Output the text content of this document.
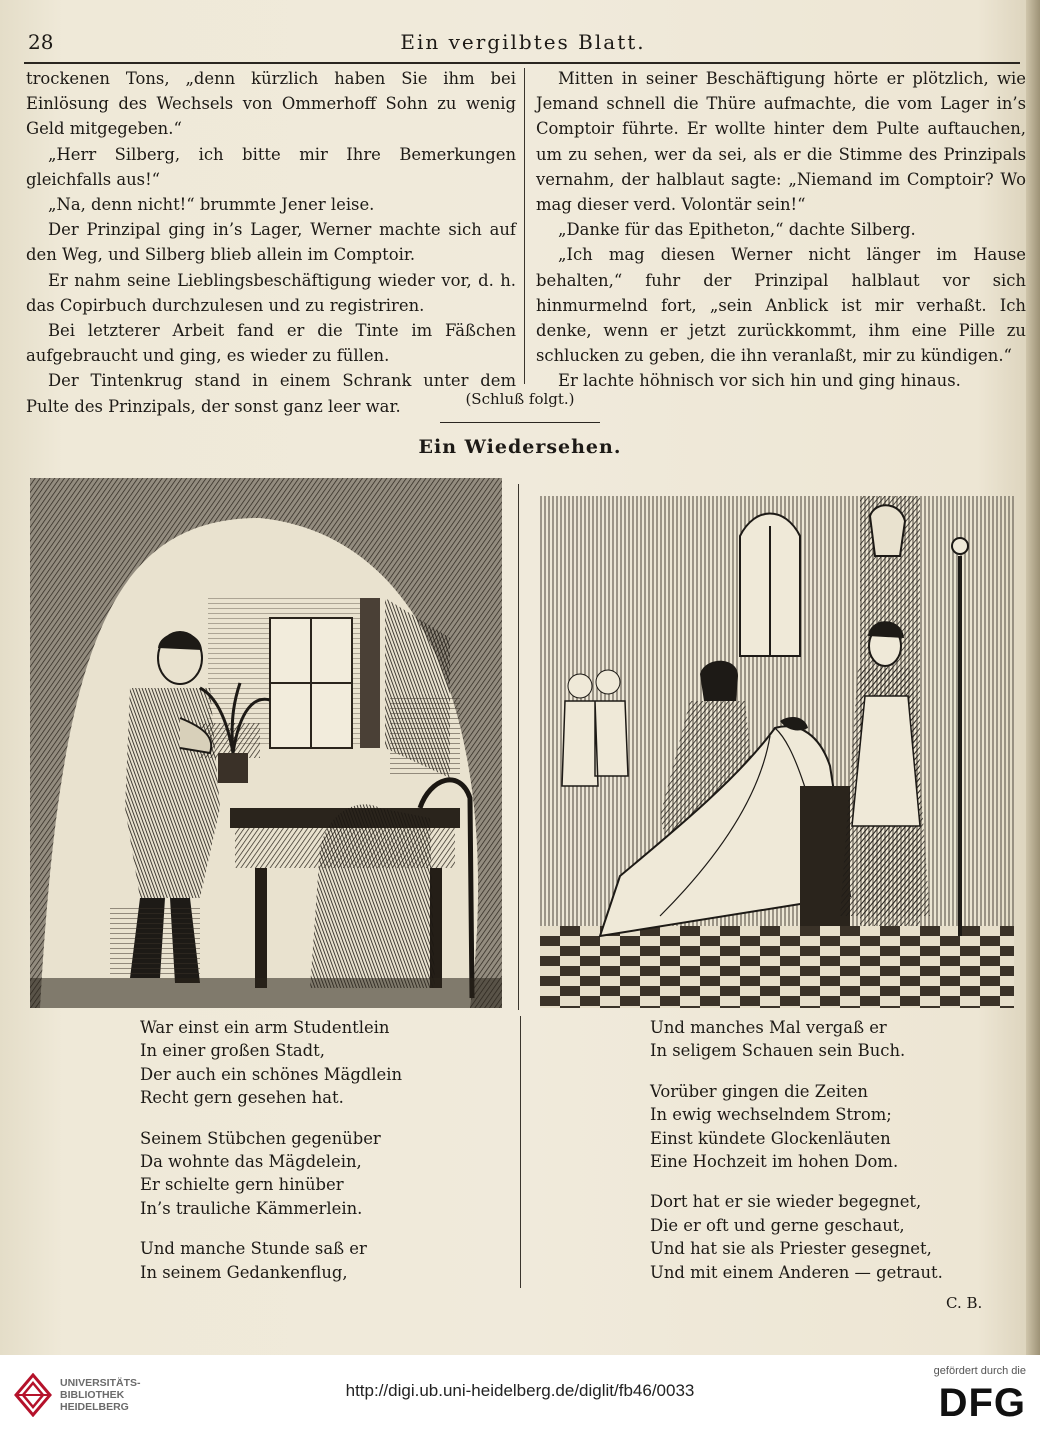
28	Ein vergilbtes Blatt.

trockenen Tons, „denn kürzlich haben Sie ihm bei Einlösung des Wechsels von Ommerhoff Sohn zu wenig Geld mitgegeben.“

„Herr Silberg, ich bitte mir Ihre Bemerkungen gleichfalls aus!“

„Na, denn nicht!“ brummte Jener leise.

Der Prinzipal ging in’s Lager, Werner machte sich auf den Weg, und Silberg blieb allein im Comptoir.

Er nahm seine Lieblingsbeschäftigung wieder vor, d. h. das Copirbuch durchzulesen und zu registriren.

Bei letzterer Arbeit fand er die Tinte im Fäßchen aufgebraucht und ging, es wieder zu füllen.

Der Tintenkrug stand in einem Schrank unter dem Pulte des Prinzipals, der sonst ganz leer war.

Mitten in seiner Beschäftigung hörte er plötzlich, wie Jemand schnell die Thüre aufmachte, die vom Lager in’s Comptoir führte. Er wollte hinter dem Pulte auftauchen, um zu sehen, wer da sei, als er die Stimme des Prinzipals vernahm, der halblaut sagte: „Niemand im Comptoir? Wo mag dieser verd. Volontär sein!“

„Danke für das Epitheton,“ dachte Silberg.

„Ich mag diesen Werner nicht länger im Hause behalten,“ fuhr der Prinzipal halblaut vor sich hinmurmelnd fort, „sein Anblick ist mir verhaßt. Ich denke, wenn er jetzt zurückkommt, ihm eine Pille zu schlucken zu geben, die ihn veranlaßt, mir zu kündigen.“

Er lachte höhnisch vor sich hin und ging hinaus.

(Schluß folgt.)
Ein Wiedersehen.
War einst ein arm Studentlein
In einer großen Stadt,
Der auch ein schönes Mägdlein
Recht gern gesehen hat.
Seinem Stübchen gegenüber
Da wohnte das Mägdelein,
Er schielte gern hinüber
In’s trauliche Kämmerlein.
Und manche Stunde saß er
In seinem Gedankenflug,
Und manches Mal vergaß er
In seligem Schauen sein Buch.
Vorüber gingen die Zeiten
In ewig wechselndem Strom;
Einst kündete Glockenläuten
Eine Hochzeit im hohen Dom.
Dort hat er sie wieder begegnet,
Die er oft und gerne geschaut,
Und hat sie als Priester gesegnet,
Und mit einem Anderen — getraut.
C. B.
UNIVERSITÄTS-
BIBLIOTHEK
HEIDELBERG
http://digi.ub.uni-heidelberg.de/diglit/fb46/0033
gefördert durch die
DFG
